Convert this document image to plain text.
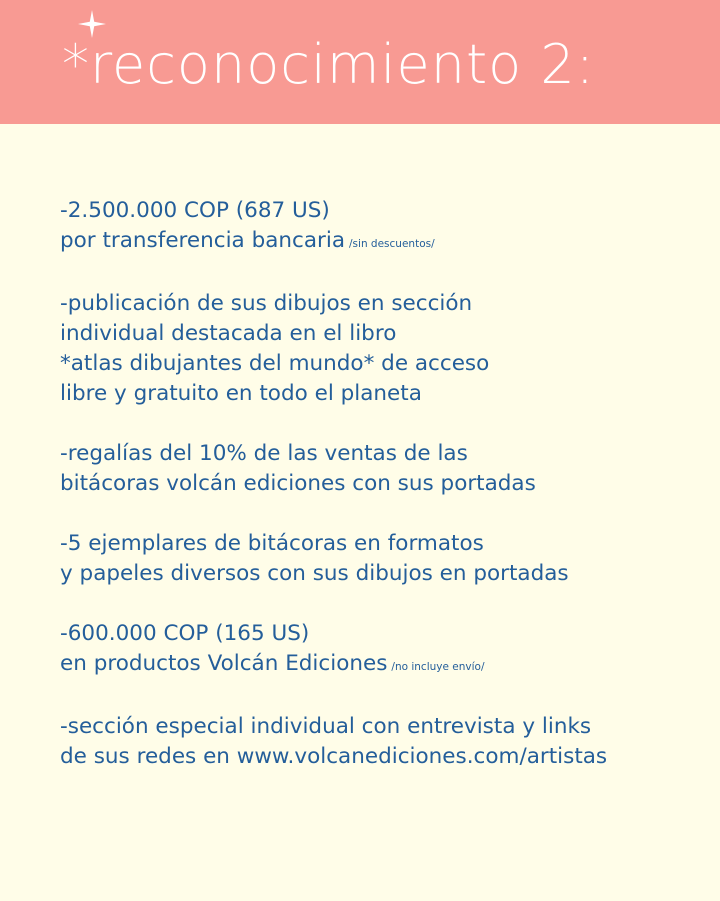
*reconocimiento 2:
-2.500.000 COP (687 US)
por transferencia bancaria /sin descuentos/
-publicación de sus dibujos en sección
individual destacada en el libro
*atlas dibujantes del mundo* de acceso
libre y gratuito en todo el planeta
-regalías del 10% de las ventas de las
bitácoras volcán ediciones con sus portadas
-5 ejemplares de bitácoras en formatos
y papeles diversos con sus dibujos en portadas
-600.000 COP (165 US)
en productos Volcán Ediciones /no incluye envío/
-sección especial individual con entrevista y links
de sus redes en www.volcanediciones.com/artistas
